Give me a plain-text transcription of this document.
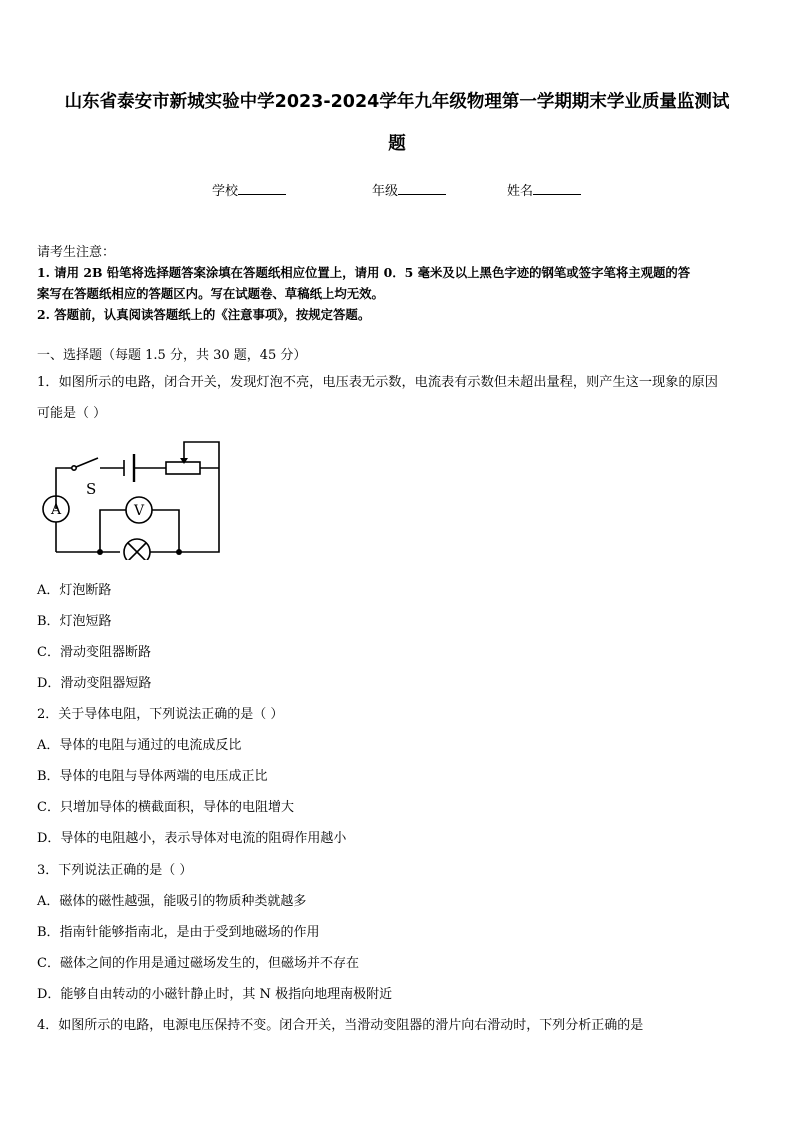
山东省泰安市新城实验中学2023-2024学年九年级物理第一学期期末学业质量监测试
题
学校	年级	姓名
请考生注意：
1. 请用 2B 铅笔将选择题答案涂填在答题纸相应位置上，请用 0．5 毫米及以上黑色字迹的钢笔或签字笔将主观题的答
案写在答题纸相应的答题区内。写在试题卷、草稿纸上均无效。
2. 答题前，认真阅读答题纸上的《注意事项》，按规定答题。
一、选择题（每题 1.5 分，共 30 题，45 分）
1．如图所示的电路，闭合开关，发现灯泡不亮，电压表无示数，电流表有示数但未超出量程，则产生这一现象的原因
可能是（ ）
S
A	V
A．灯泡断路
B．灯泡短路
C．滑动变阻器断路
D．滑动变阻器短路
2．关于导体电阻，下列说法正确的是（ ）
A．导体的电阻与通过的电流成反比
B．导体的电阻与导体两端的电压成正比
C．只增加导体的横截面积，导体的电阻增大
D．导体的电阻越小，表示导体对电流的阻碍作用越小
3．下列说法正确的是（ ）
A．磁体的磁性越强，能吸引的物质种类就越多
B．指南针能够指南北，是由于受到地磁场的作用
C．磁体之间的作用是通过磁场发生的，但磁场并不存在
D．能够自由转动的小磁针静止时，其 N 极指向地理南极附近
4．如图所示的电路，电源电压保持不变。闭合开关，当滑动变阻器的滑片向右滑动时，下列分析正确的是
